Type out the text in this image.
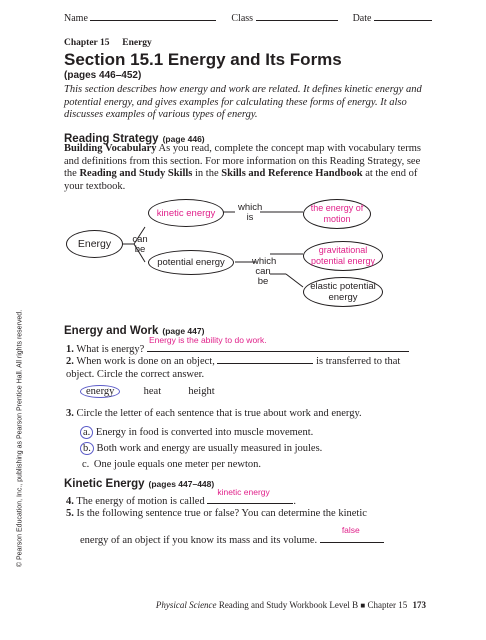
Name	Class	Date
Chapter 15 Energy
Section 15.1 Energy and Its Forms
(pages 446–452)
This section describes how energy and work are related. It defines kinetic energy and potential energy, and gives examples for calculating these forms of energy. It also discusses examples of various types of energy.
Reading Strategy (page 446)
Building Vocabulary As you read, complete the concept map with vocabulary terms and definitions from this section. For more information on this Reading Strategy, see the Reading and Study Skills in the Skills and Reference Handbook at the end of your textbook.
Energy can be
kinetic energy which is
the energy of motion
potential energy	which can be
gravitational potential energy
elastic potential energy
Energy and Work (page 447)
1. What is energy?
Energy is the ability to do work.
2. When work is done on an object,	is transferred to that object. Circle the correct answer.
energy	heat	height
3. Circle the letter of each sentence that is true about work and energy.
a. Energy in food is converted into muscle movement.
b. Both work and energy are usually measured in joules.
c. One joule equals one meter per newton.
Kinetic Energy (pages 447–448)
4. The energy of motion is called
kinetic energy
.
5. Is the following sentence true or false? You can determine the kinetic
energy of an object if you know its mass and its volume.
false
© Pearson Education, Inc., publishing as Pearson Prentice Hall. All rights reserved.
Physical Science Reading and Study Workbook Level B ■ Chapter 15 173
